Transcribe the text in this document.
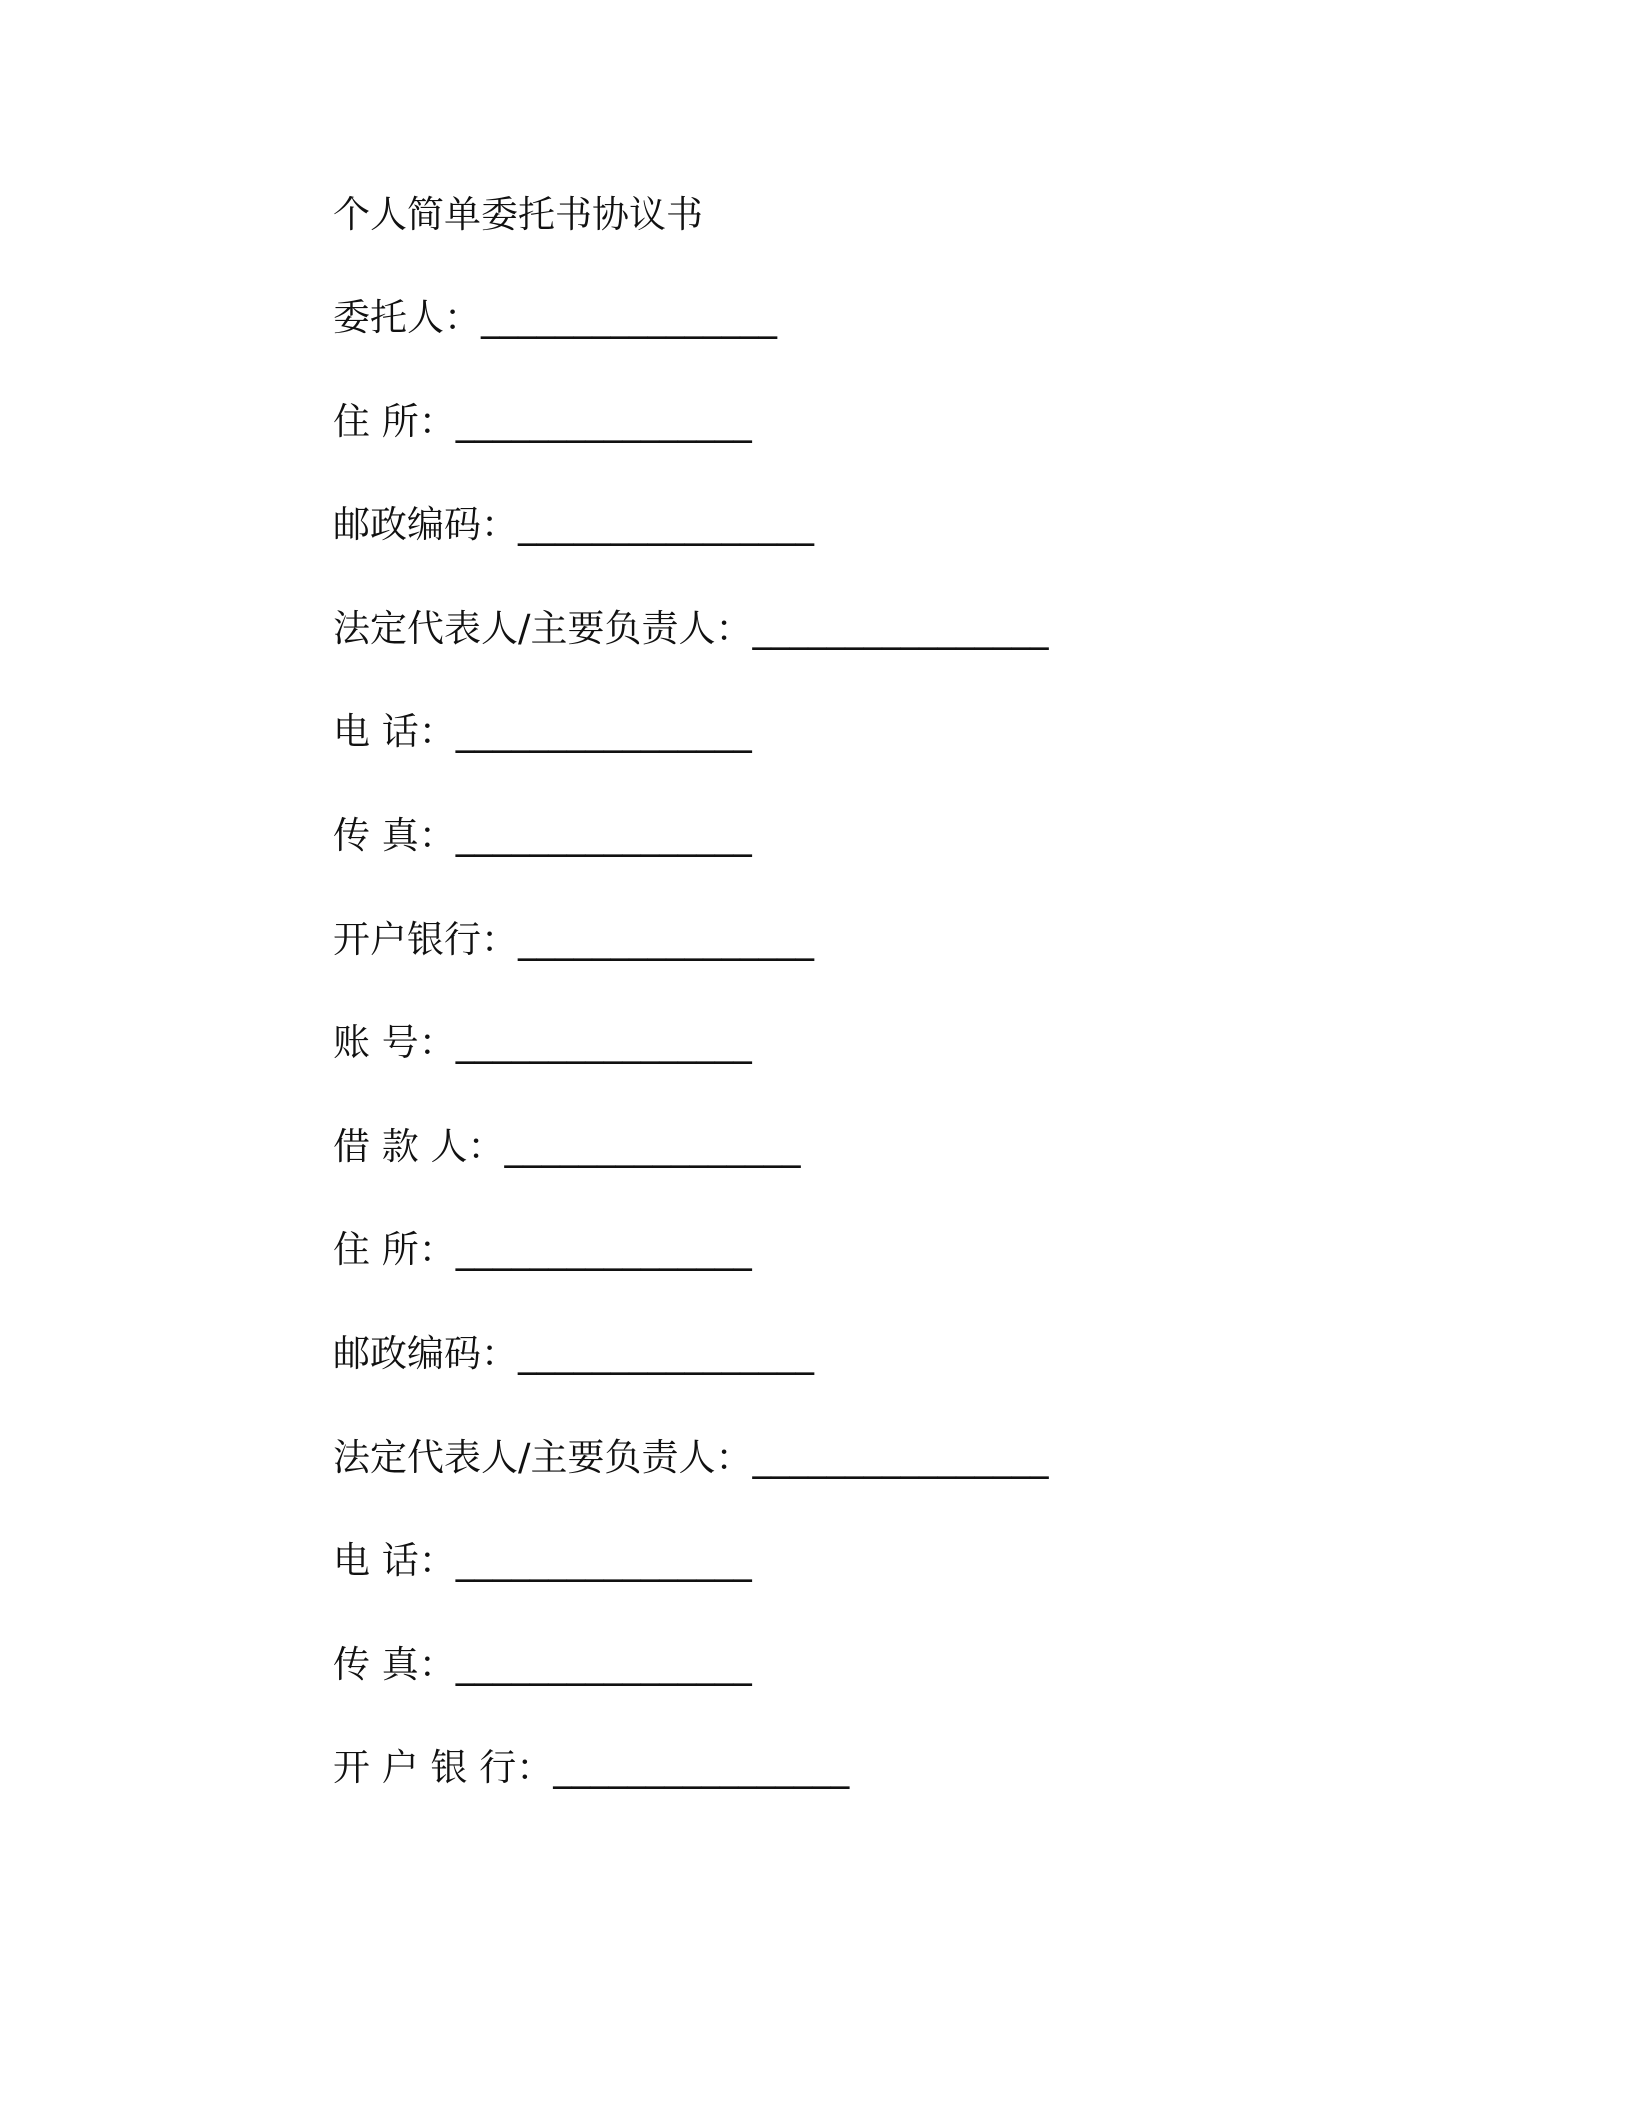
个人简单委托书协议书
委托人：________________
住 所：________________
邮政编码：________________
法定代表人/主要负责人：________________
电 话：________________
传 真：________________
开户银行：________________
账 号：________________
借 款 人：________________
住 所：________________
邮政编码：________________
法定代表人/主要负责人：________________
电 话：________________
传 真：________________
开 户 银 行：________________
